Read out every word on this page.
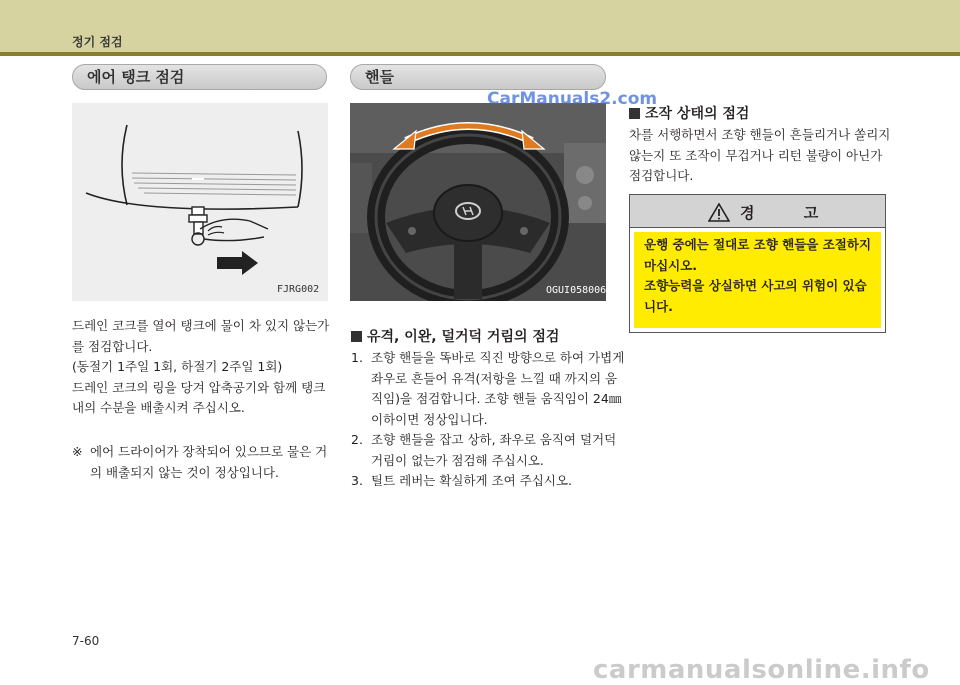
정기 점검
에어 탱크 점검
FJRG002

드레인 코크를 열어 탱크에 물이 차 있지 않는가

를 점검합니다.

(동절기 1주일 1회, 하절기 2주일 1회)

드레인 코크의 링을 당겨 압축공기와 함께 탱크

내의 수분을 배출시켜 주십시오.

※ 에어 드라이어가 장착되어 있으므로 물은 거

의 배출되지 않는 것이 정상입니다.

핸들
OGUI058006
유격, 이완, 덜거덕 거림의 점검
1. 조향 핸들을 똑바로 직진 방향으로 하여 가볍게

좌우로 흔들어 유격(저항을 느낄 때 까지의 움

직임)을 점검합니다. 조향 핸들 움직임이 24㎜

이하이면 정상입니다.

2. 조향 핸들을 잡고 상하, 좌우로 움직여 덜거덕

거림이 없는가 점검해 주십시오.

3. 틸트 레버는 확실하게 조여 주십시오.

조작 상태의 점검

차를 서행하면서 조향 핸들이 흔들리거나 쏠리지

않는지 또 조작이 무겁거나 리턴 불량이 아닌가

점검합니다.

경 고

운행 중에는 절대로 조향 핸들을 조절하지

마십시오.

조향능력을 상실하면 사고의 위험이 있습

니다.

CarManuals2.com
7-60
carmanualsonline.info
